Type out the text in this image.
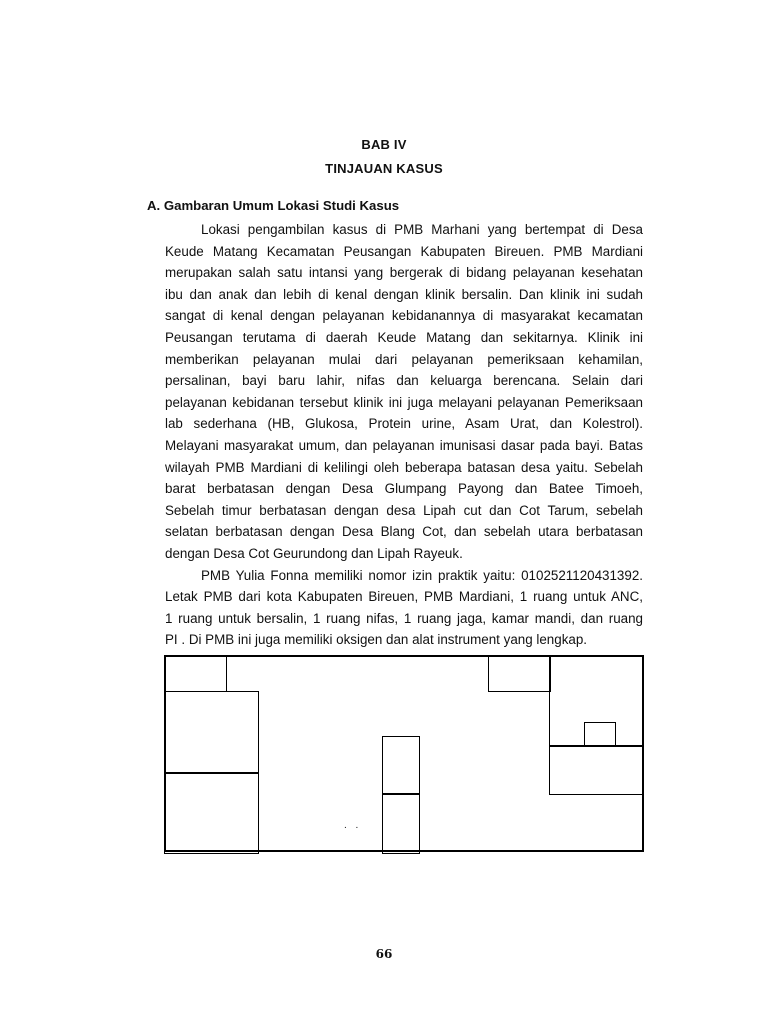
BAB IV
TINJAUAN KASUS
A. Gambaran Umum Lokasi Studi Kasus
Lokasi pengambilan kasus di PMB Marhani yang bertempat di Desa
Keude Matang Kecamatan Peusangan Kabupaten Bireuen. PMB Mardiani
merupakan salah satu intansi yang bergerak di bidang pelayanan kesehatan
ibu dan anak dan lebih di kenal dengan klinik bersalin. Dan klinik ini sudah
sangat di kenal dengan pelayanan kebidanannya di masyarakat kecamatan
Peusangan terutama di daerah Keude Matang dan sekitarnya. Klinik ini
memberikan pelayanan mulai dari pelayanan pemeriksaan kehamilan,
persalinan, bayi baru lahir, nifas dan keluarga berencana. Selain dari
pelayanan kebidanan tersebut klinik ini juga melayani pelayanan Pemeriksaan
lab sederhana (HB, Glukosa, Protein urine, Asam Urat, dan Kolestrol).
Melayani masyarakat umum, dan pelayanan imunisasi dasar pada bayi. Batas
wilayah PMB Mardiani di kelilingi oleh beberapa batasan desa yaitu. Sebelah
barat berbatasan dengan Desa Glumpang Payong dan Batee Timoeh,
Sebelah timur berbatasan dengan desa Lipah cut dan Cot Tarum, sebelah
selatan berbatasan dengan Desa Blang Cot, dan sebelah utara berbatasan
dengan Desa Cot Geurundong dan Lipah Rayeuk.
PMB Yulia Fonna memiliki nomor izin praktik yaitu: 0102521120431392.
Letak PMB dari kota Kabupaten Bireuen, PMB Mardiani, 1 ruang untuk ANC,
1 ruang untuk bersalin, 1 ruang nifas, 1 ruang jaga, kamar mandi, dan ruang
PI . Di PMB ini juga memiliki oksigen dan alat instrument yang lengkap.
. .
66
